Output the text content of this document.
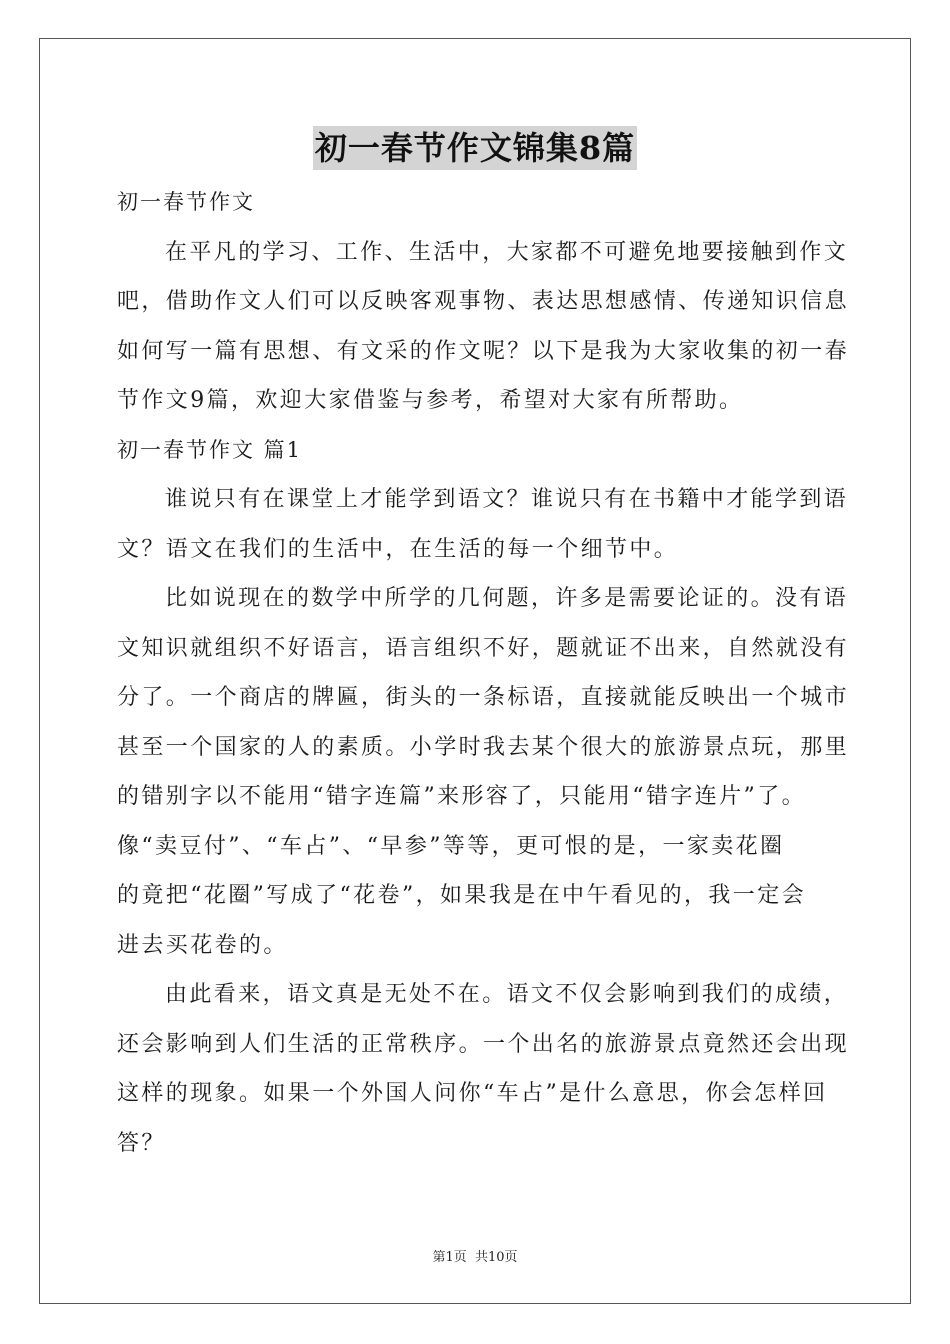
初一春节作文锦集8篇
初一春节作文
在平凡的学习、工作、生活中，大家都不可避免地要接触到作文
吧，借助作文人们可以反映客观事物、表达思想感情、传递知识信息
如何写一篇有思想、有文采的作文呢？以下是我为大家收集的初一春
节作文9篇，欢迎大家借鉴与参考，希望对大家有所帮助。
初一春节作文 篇1
谁说只有在课堂上才能学到语文？谁说只有在书籍中才能学到语
文？语文在我们的生活中，在生活的每一个细节中。
比如说现在的数学中所学的几何题，许多是需要论证的。没有语
文知识就组织不好语言，语言组织不好，题就证不出来，自然就没有
分了。一个商店的牌匾，街头的一条标语，直接就能反映出一个城市
甚至一个国家的人的素质。小学时我去某个很大的旅游景点玩，那里
的错别字以不能用“错字连篇”来形容了，只能用“错字连片”了。
像“卖豆付”、“车占”、“早参”等等，更可恨的是，一家卖花圈
的竟把“花圈”写成了“花卷”，如果我是在中午看见的，我一定会
进去买花卷的。
由此看来，语文真是无处不在。语文不仅会影响到我们的成绩，
还会影响到人们生活的正常秩序。一个出名的旅游景点竟然还会出现
这样的现象。如果一个外国人问你“车占”是什么意思，你会怎样回
答？
第1页 共10页
